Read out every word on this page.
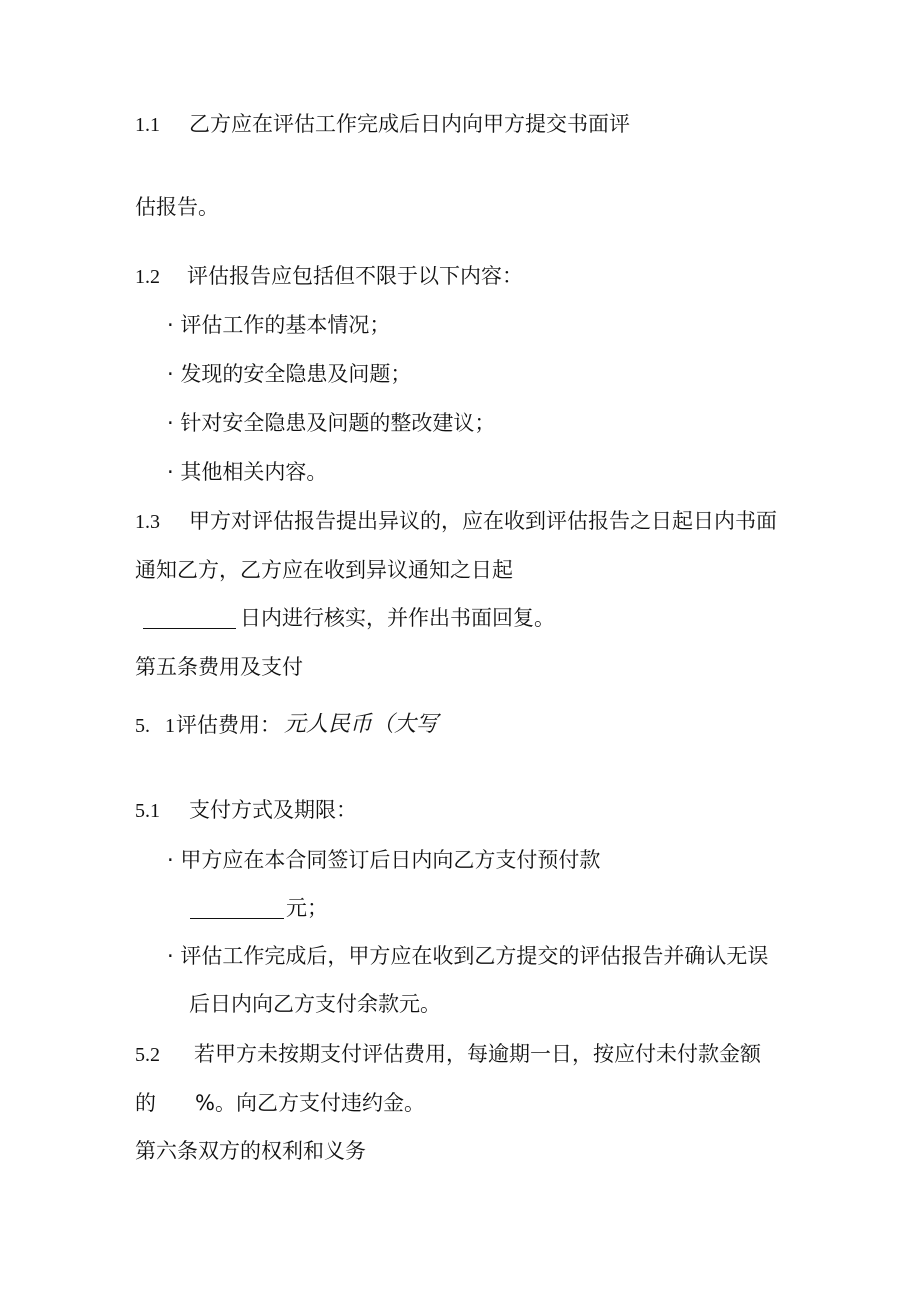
1.1 乙方应在评估工作完成后日内向甲方提交书面评
估报告。
1.2 评估报告应包括但不限于以下内容：
· 评估工作的基本情况；
· 发现的安全隐患及问题；
· 针对安全隐患及问题的整改建议；
· 其他相关内容。
1.3 甲方对评估报告提出异议的，应在收到评估报告之日起日内书面
通知乙方，乙方应在收到异议通知之日起
日内进行核实，并作出书面回复。
第五条费用及支付
5. 1 评估费用： 元人民币（大写
5.1 支付方式及期限：
· 甲方应在本合同签订后日内向乙方支付预付款
元；
· 评估工作完成后，甲方应在收到乙方提交的评估报告并确认无误
后日内向乙方支付余款元。
5.2 若甲方未按期支付评估费用，每逾期一日，按应付未付款金额
的 %。向乙方支付违约金。
第六条双方的权利和义务
